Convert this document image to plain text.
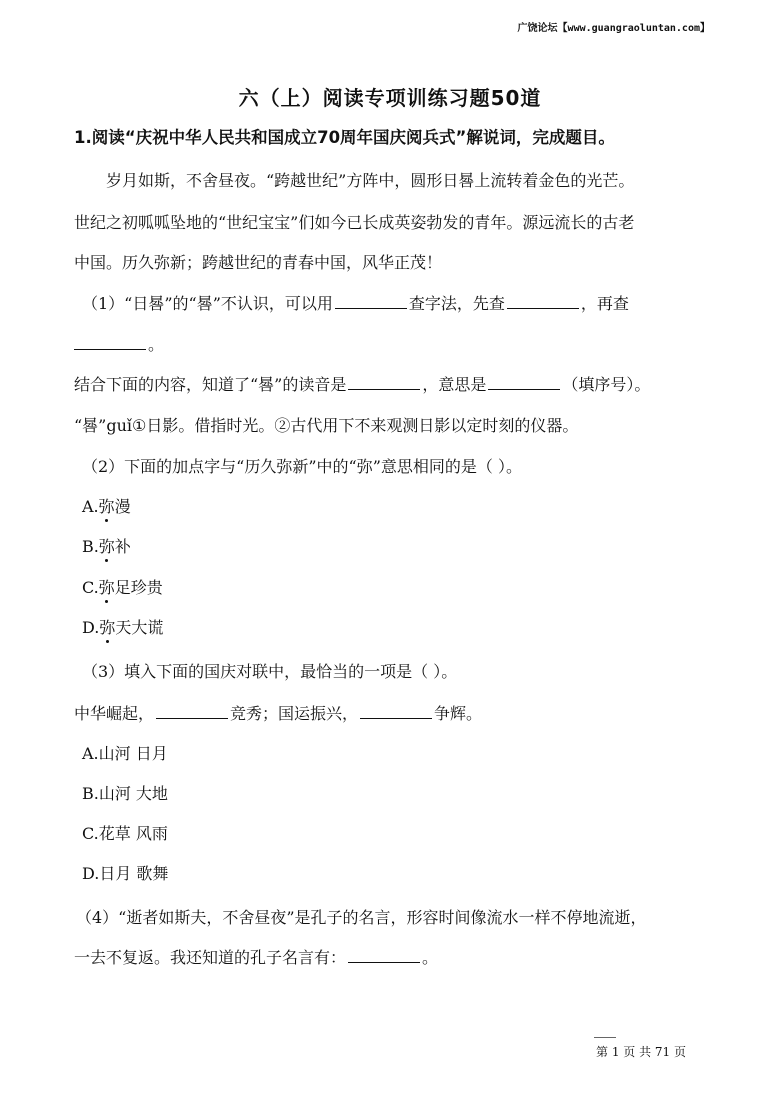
广饶论坛【www.guangraoluntan.com】
六（上）阅读专项训练习题50道
1.阅读“庆祝中华人民共和国成立70周年国庆阅兵式”解说词，完成题目。
岁月如斯，不舍昼夜。“跨越世纪”方阵中，圆形日晷上流转着金色的光芒。
世纪之初呱呱坠地的“世纪宝宝”们如今已长成英姿勃发的青年。源远流长的古老
中国。历久弥新；跨越世纪的青春中国，风华正茂！
（1）“日晷”的“晷”不认识，可以用	查字法，先查	，再查
。
结合下面的内容，知道了“晷”的读音是	，意思是	（填序号）。
“晷”guǐ①日影。借指时光。②古代用下不来观测日影以定时刻的仪器。
（2）下面的加点字与“历久弥新”中的“弥”意思相同的是（ ）。
A.弥漫
B.弥补
C.弥足珍贵
D.弥天大谎
（3）填入下面的国庆对联中，最恰当的一项是（ ）。
中华崛起，	竞秀；国运振兴，	争辉。
A.山河 日月
B.山河 大地
C.花草 风雨
D.日月 歌舞
（4）“逝者如斯夫，不舍昼夜”是孔子的名言，形容时间像流水一样不停地流逝，
一去不复返。我还知道的孔子名言有：	。
第 1 页 共 71 页
